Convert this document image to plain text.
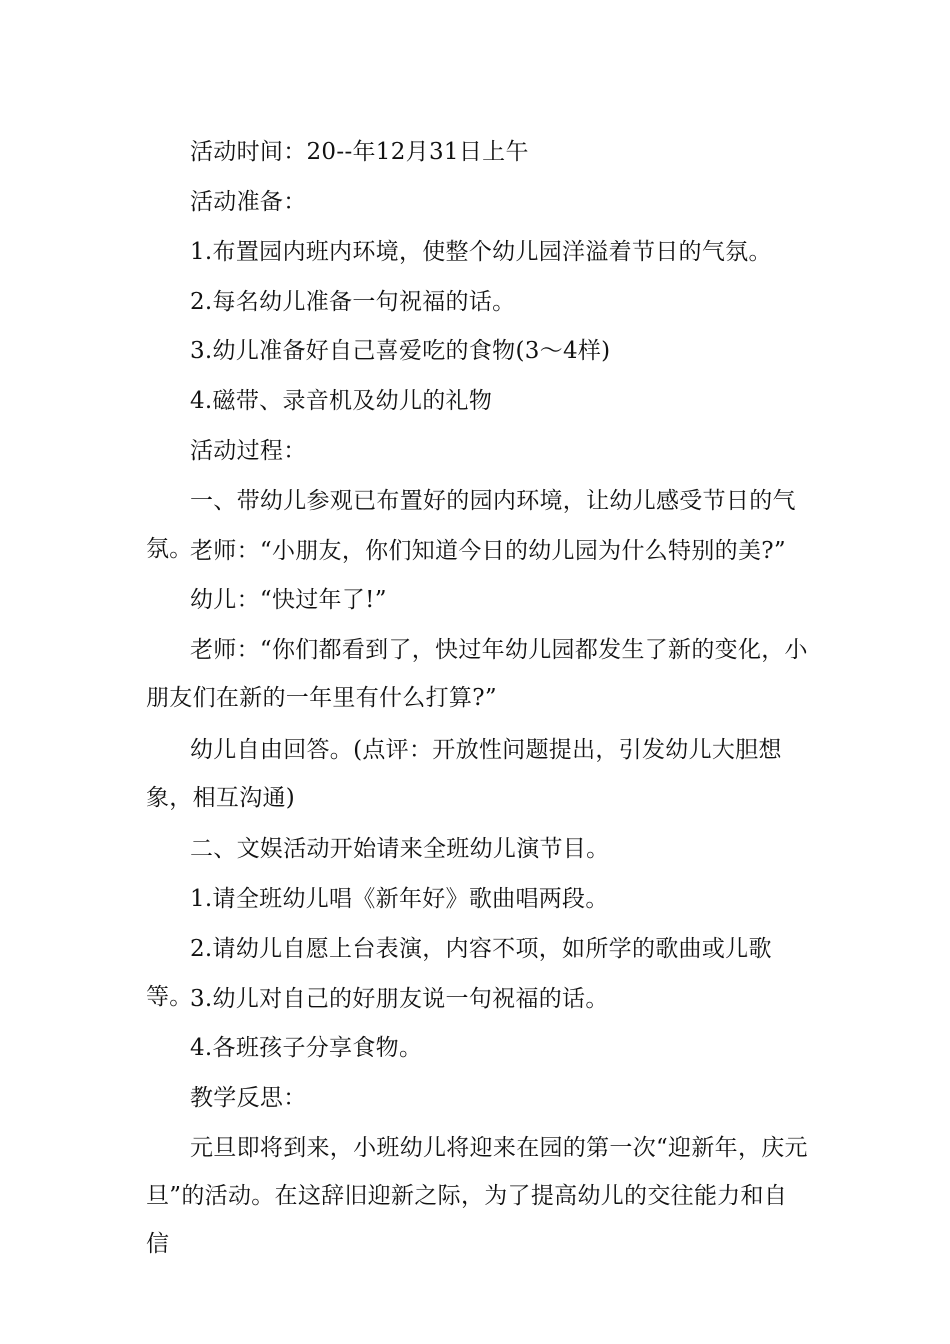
活动时间：20--年12月31日上午

活动准备：

1.布置园内班内环境，使整个幼儿园洋溢着节日的气氛。

2.每名幼儿准备一句祝福的话。

3.幼儿准备好自己喜爱吃的食物(3～4样)

4.磁带、录音机及幼儿的礼物

活动过程：

一、带幼儿参观已布置好的园内环境，让幼儿感受节日的气氛。

老师：“小朋友，你们知道今日的幼儿园为什么特别的美?”

幼儿：“快过年了!”

老师：“你们都看到了，快过年幼儿园都发生了新的变化，小朋友们在新的一年里有什么打算?”

幼儿自由回答。(点评：开放性问题提出，引发幼儿大胆想象，相互沟通)

二、文娱活动开始请来全班幼儿演节目。

1.请全班幼儿唱《新年好》歌曲唱两段。

2.请幼儿自愿上台表演，内容不项，如所学的歌曲或儿歌等。

3.幼儿对自己的好朋友说一句祝福的话。

4.各班孩子分享食物。

教学反思：

元旦即将到来，小班幼儿将迎来在园的第一次“迎新年，庆元旦”的活动。在这辞旧迎新之际，为了提高幼儿的交往能力和自信
